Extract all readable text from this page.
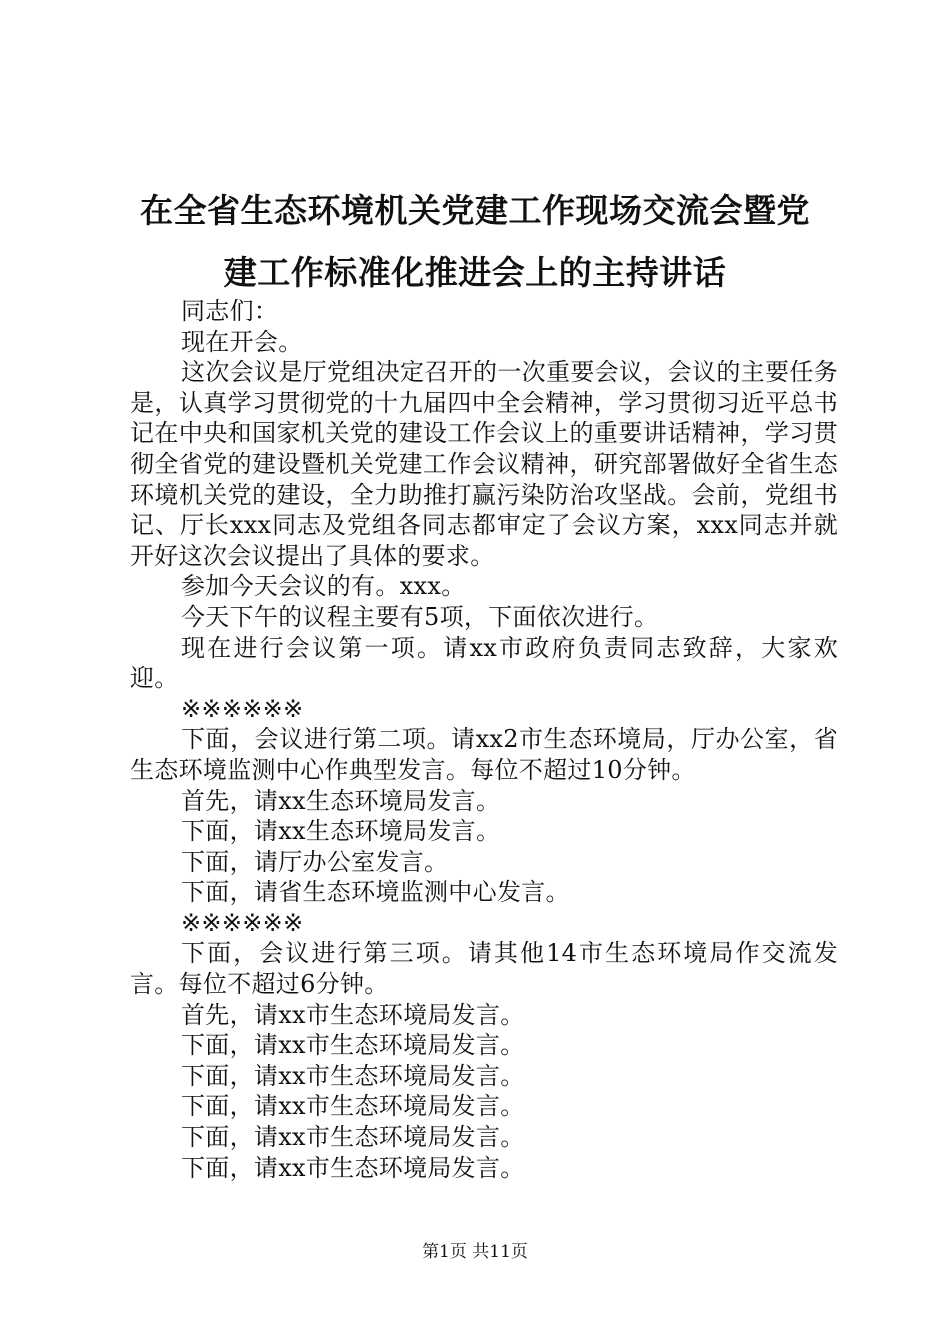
在全省生态环境机关党建工作现场交流会暨党
建工作标准化推进会上的主持讲话

同志们：

现在开会。

这次会议是厅党组决定召开的一次重要会议，会议的主要任务是，认真学习贯彻党的十九届四中全会精神，学习贯彻习近平总书记在中央和国家机关党的建设工作会议上的重要讲话精神，学习贯彻全省党的建设暨机关党建工作会议精神，研究部署做好全省生态环境机关党的建设，全力助推打赢污染防治攻坚战。会前，党组书记、厅长xxx同志及党组各同志都审定了会议方案，xxx同志并就开好这次会议提出了具体的要求。

参加今天会议的有。xxx。

今天下午的议程主要有5项，下面依次进行。

现在进行会议第一项。请xx市政府负责同志致辞，大家欢迎。

※※※※※※

下面，会议进行第二项。请xx2市生态环境局，厅办公室，省生态环境监测中心作典型发言。每位不超过10分钟。

首先，请xx生态环境局发言。

下面，请xx生态环境局发言。

下面，请厅办公室发言。

下面，请省生态环境监测中心发言。

※※※※※※

下面，会议进行第三项。请其他14市生态环境局作交流发言。每位不超过6分钟。

首先，请xx市生态环境局发言。

下面，请xx市生态环境局发言。

下面，请xx市生态环境局发言。

下面，请xx市生态环境局发言。

下面，请xx市生态环境局发言。

下面，请xx市生态环境局发言。

第1页 共11页
